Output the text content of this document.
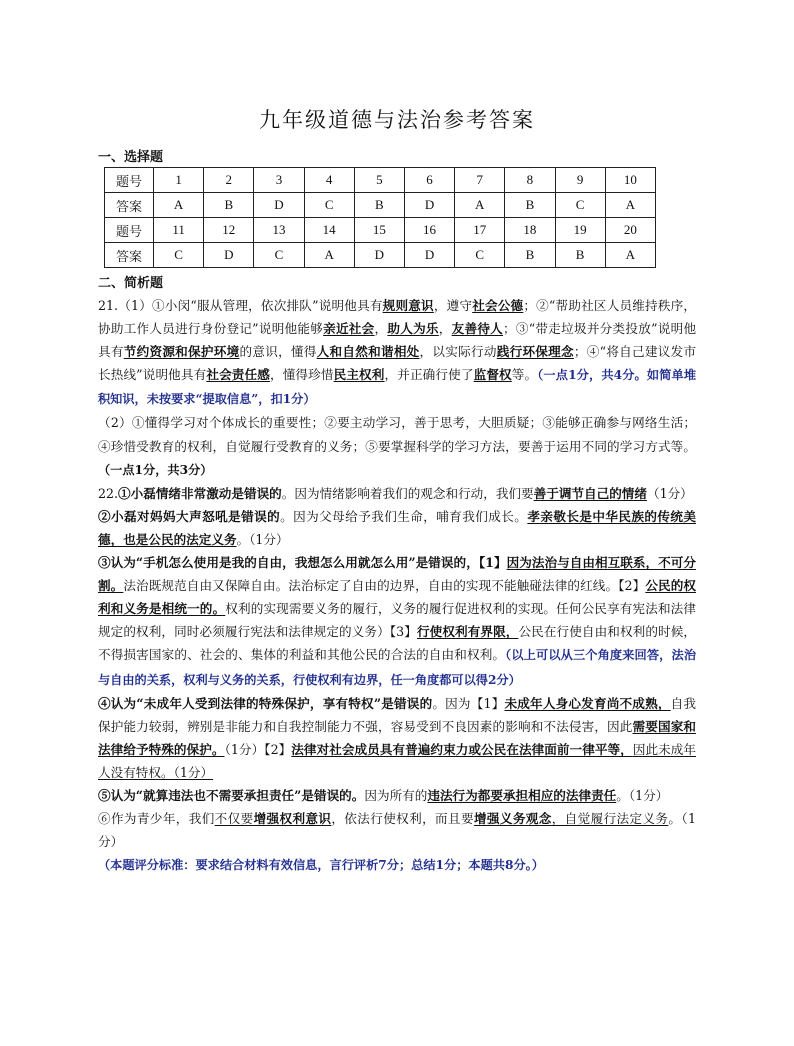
九年级道德与法治参考答案
一、选择题
题号	1	2	3	4	5	6	7	8	9	10
答案	A	B	D	C	B	D	A	B	C	A
题号	11	12	13	14	15	16	17	18	19	20
答案	C	D	C	A	D	D	C	B	B	A
二、简析题

21.（1）①小闵“服从管理，依次排队”说明他具有规则意识，遵守社会公德；②“帮助社区人员维持秩序，协助工作人员进行身份登记”说明他能够亲近社会，助人为乐，友善待人；③“带走垃圾并分类投放”说明他具有节约资源和保护环境的意识，懂得人和自然和谐相处，以实际行动践行环保理念；④“将自己建议发市长热线”说明他具有社会责任感，懂得珍惜民主权利，并正确行使了监督权等。（一点1分，共4分。如简单堆积知识，未按要求“提取信息”，扣1分）

（2）①懂得学习对个体成长的重要性；②要主动学习，善于思考，大胆质疑；③能够正确参与网络生活；④珍惜受教育的权利，自觉履行受教育的义务；⑤要掌握科学的学习方法，要善于运用不同的学习方式等。（一点1分，共3分）

22.①小磊情绪非常激动是错误的。因为情绪影响着我们的观念和行动，我们要善于调节自己的情绪（1分）

②小磊对妈妈大声怒吼是错误的。因为父母给予我们生命，哺育我们成长。孝亲敬长是中华民族的传统美德，也是公民的法定义务。（1分）

③认为“手机怎么使用是我的自由，我想怎么用就怎么用”是错误的，【1】因为法治与自由相互联系，不可分割。法治既规范自由又保障自由。法治标定了自由的边界，自由的实现不能触碰法律的红线。【2】公民的权利和义务是相统一的。权利的实现需要义务的履行，义务的履行促进权利的实现。任何公民享有宪法和法律规定的权利，同时必须履行宪法和法律规定的义务）【3】行使权利有界限，公民在行使自由和权利的时候，不得损害国家的、社会的、集体的利益和其他公民的合法的自由和权利。（以上可以从三个角度来回答，法治与自由的关系，权利与义务的关系，行使权利有边界，任一角度都可以得2分）

④认为“未成年人受到法律的特殊保护，享有特权”是错误的。因为【1】未成年人身心发育尚不成熟，自我保护能力较弱，辨别是非能力和自我控制能力不强，容易受到不良因素的影响和不法侵害，因此需要国家和法律给予特殊的保护。（1分）【2】法律对社会成员具有普遍约束力或公民在法律面前一律平等，因此未成年人没有特权。（1分）

⑤认为“就算违法也不需要承担责任”是错误的。因为所有的违法行为都要承担相应的法律责任。（1分）

⑥作为青少年，我们不仅要增强权利意识，依法行使权利，而且要增强义务观念，自觉履行法定义务。（1分）

（本题评分标准：要求结合材料有效信息，言行评析7分；总结1分；本题共8分。）
